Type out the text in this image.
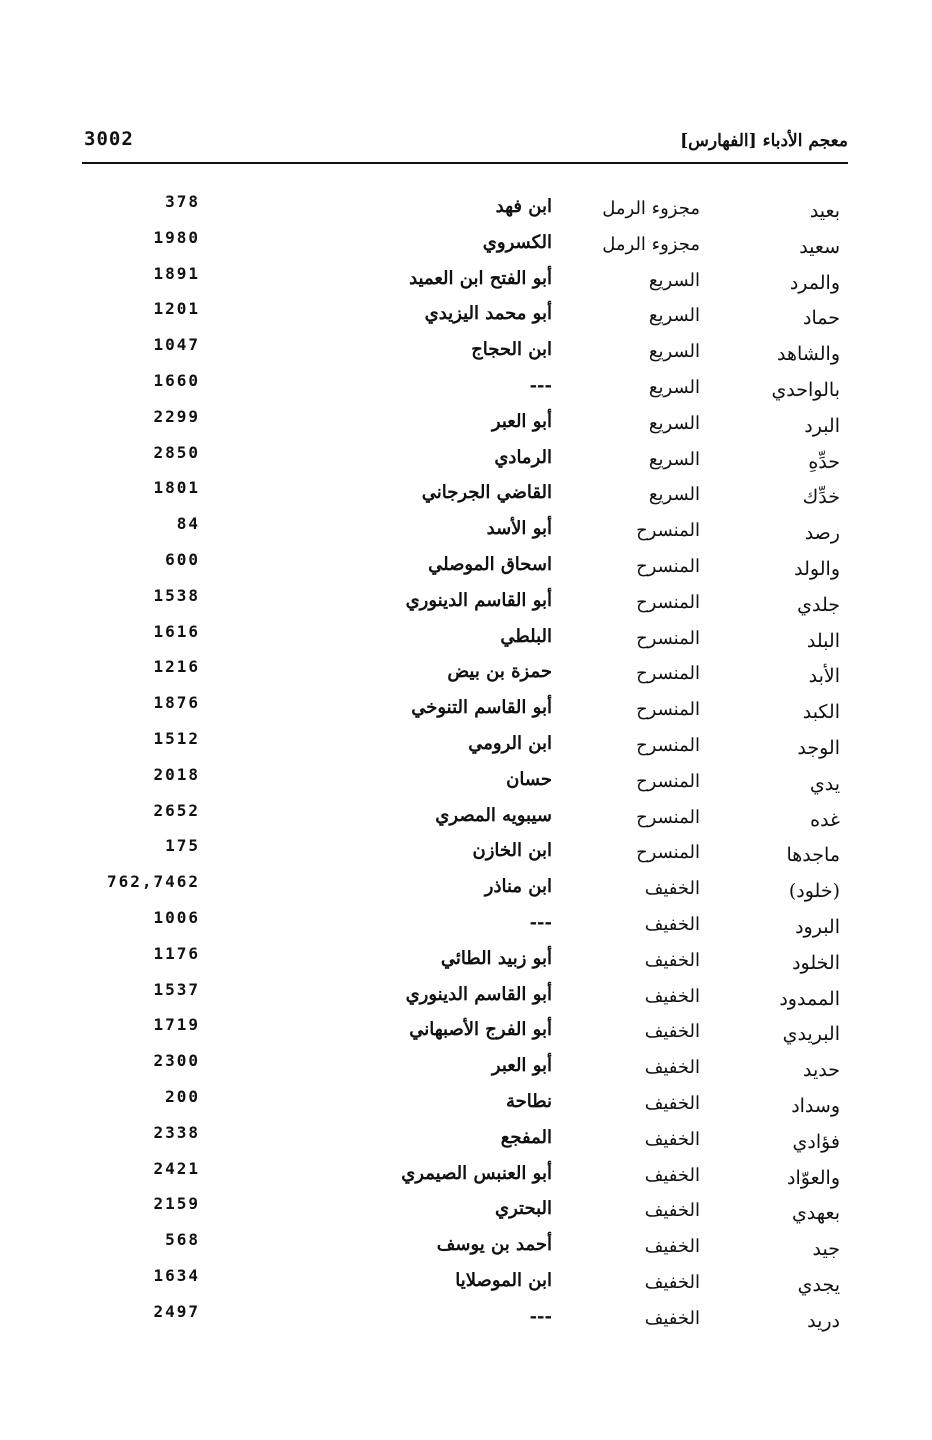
3002	معجم الأدباء [الفهارس]
بعيد
مجزوء الرمل
ابن فهد
378
سعيد
مجزوء الرمل
الكسروي
1980
والمرد
السريع
أبو الفتح ابن العميد
1891
حماد
السريع
أبو محمد اليزيدي
1201
والشاهد
السريع
ابن الحجاج
1047
بالواحدي
السريع
---
1660
البرد
السريع
أبو العبر
2299
حدِّهِ
السريع
الرمادي
2850
خدِّك
السريع
القاضي الجرجاني
1801
رصد
المنسرح
أبو الأسد
84
والولد
المنسرح
اسحاق الموصلي
600
جلدي
المنسرح
أبو القاسم الدينوري
1538
البلد
المنسرح
البلطي
1616
الأبد
المنسرح
حمزة بن بيض
1216
الكبد
المنسرح
أبو القاسم التنوخي
1876
الوجد
المنسرح
ابن الرومي
1512
يدي
المنسرح
حسان
2018
غده
المنسرح
سيبويه المصري
2652
ماجدها
المنسرح
ابن الخازن
175
(خلود)
الخفيف
ابن مناذر
762,7462
البرود
الخفيف
---
1006
الخلود
الخفيف
أبو زبيد الطائي
1176
الممدود
الخفيف
أبو القاسم الدينوري
1537
البريدي
الخفيف
أبو الفرج الأصبهاني
1719
حديد
الخفيف
أبو العبر
2300
وسداد
الخفيف
نطاحة
200
فؤادي
الخفيف
المفجع
2338
والعوّاد
الخفيف
أبو العنبس الصيمري
2421
بعهدي
الخفيف
البحتري
2159
جيد
الخفيف
أحمد بن يوسف
568
يجدي
الخفيف
ابن الموصلايا
1634
دريد
الخفيف
---
2497
